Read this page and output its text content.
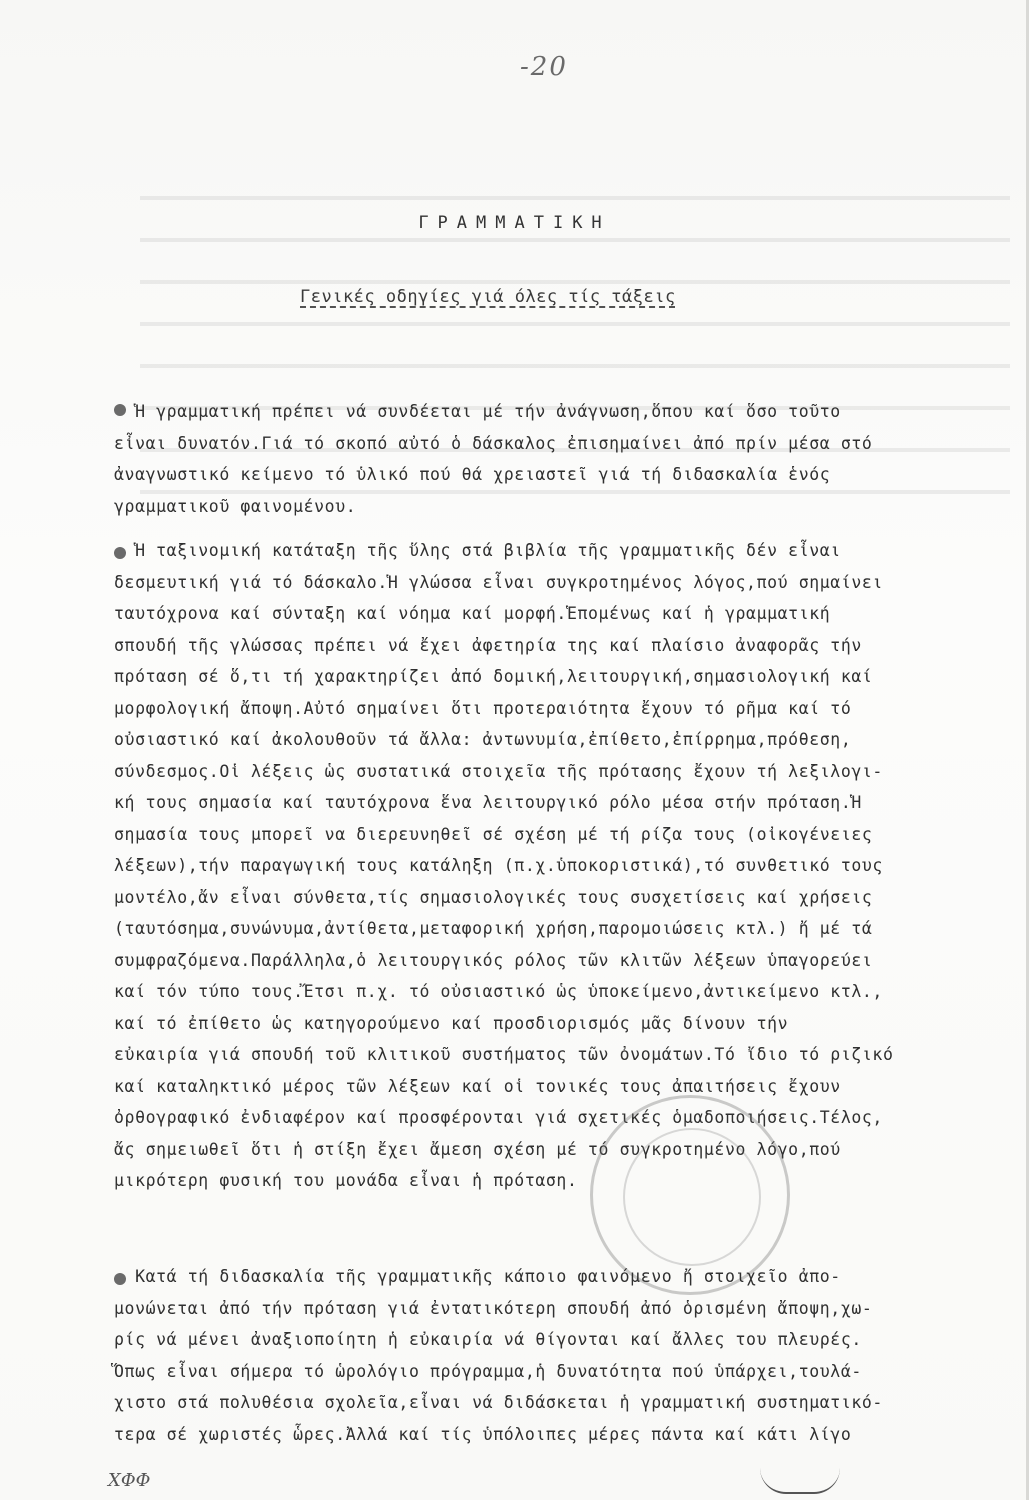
-20
ΓΡΑΜΜΑΤΙΚΗ
Γενικές οδηγίες γιά όλες τίς τάξεις
Ἡ γραμματική πρέπει νά συνδέεται μέ τήν ἀνάγνωση,ὅπου καί ὅσο τοῦτο
εἶναι δυνατόν.Γιά τό σκοπό αὐτό ὁ δάσκαλος ἐπισημαίνει ἀπό πρίν μέσα στό
ἀναγνωστικό κείμενο τό ὑλικό πού θά χρειαστεῖ γιά τή διδασκαλία ἑνός
γραμματικοῦ φαινομένου.
Ἡ ταξινομική κατάταξη τῆς ὕλης στά βιβλία τῆς γραμματικῆς δέν εἶναι
δεσμευτική γιά τό δάσκαλο.Ἡ γλώσσα εἶναι συγκροτημένος λόγος,πού σημαίνει
ταυτόχρονα καί σύνταξη καί νόημα καί μορφή.Ἑπομένως καί ἡ γραμματική
σπουδή τῆς γλώσσας πρέπει νά ἔχει ἀφετηρία της καί πλαίσιο ἀναφορᾶς τήν
πρόταση σέ ὅ,τι τή χαρακτηρίζει ἀπό δομική,λειτουργική,σημασιολογική καί
μορφολογική ἄποψη.Αὐτό σημαίνει ὅτι προτεραιότητα ἔχουν τό ρῆμα καί τό
οὐσιαστικό καί ἀκολουθοῦν τά ἄλλα: ἀντωνυμία,ἐπίθετο,ἐπίρρημα,πρόθεση,
σύνδεσμος.Οἱ λέξεις ὡς συστατικά στοιχεῖα τῆς πρότασης ἔχουν τή λεξιλογι-
κή τους σημασία καί ταυτόχρονα ἕνα λειτουργικό ρόλο μέσα στήν πρόταση.Ἡ
σημασία τους μπορεῖ να διερευνηθεῖ σέ σχέση μέ τή ρίζα τους (οἰκογένειες
λέξεων),τήν παραγωγική τους κατάληξη (π.χ.ὑποκοριστικά),τό συνθετικό τους
μοντέλο,ἄν εἶναι σύνθετα,τίς σημασιολογικές τους συσχετίσεις καί χρήσεις
(ταυτόσημα,συνώνυμα,ἀντίθετα,μεταφορική χρήση,παρομοιώσεις κτλ.) ἤ μέ τά
συμφραζόμενα.Παράλληλα,ὁ λειτουργικός ρόλος τῶν κλιτῶν λέξεων ὑπαγορεύει
καί τόν τύπο τους.Ἔτσι π.χ. τό οὐσιαστικό ὡς ὑποκείμενο,ἀντικείμενο κτλ.,
καί τό ἐπίθετο ὡς κατηγορούμενο καί προσδιορισμός μᾶς δίνουν τήν
εὐκαιρία γιά σπουδή τοῦ κλιτικοῦ συστήματος τῶν ὀνομάτων.Τό ἴδιο τό ριζικό
καί καταληκτικό μέρος τῶν λέξεων καί οἱ τονικές τους ἀπαιτήσεις ἔχουν
ὀρθογραφικό ἐνδιαφέρον καί προσφέρονται γιά σχετικές ὁμαδοποιήσεις.Τέλος,
ἄς σημειωθεῖ ὅτι ἡ στίξη ἔχει ἄμεση σχέση μέ τό συγκροτημένο λόγο,πού
μικρότερη φυσική του μονάδα εἶναι ἡ πρόταση.
Κατά τή διδασκαλία τῆς γραμματικῆς κάποιο φαινόμενο ἤ στοιχεῖο ἀπο-
μονώνεται ἀπό τήν πρόταση γιά ἐντατικότερη σπουδή ἀπό ὁρισμένη ἄποψη,χω-
ρίς νά μένει ἀναξιοποίητη ἡ εὐκαιρία νά θίγονται καί ἄλλες του πλευρές.
Ὅπως εἶναι σήμερα τό ὡρολόγιο πρόγραμμα,ἡ δυνατότητα πού ὑπάρχει,τουλά-
χιστο στά πολυθέσια σχολεῖα,εἶναι νά διδάσκεται ἡ γραμματική συστηματικό-
τερα σέ χωριστές ὧρες.Ἀλλά καί τίς ὑπόλοιπες μέρες πάντα καί κάτι λίγο
ΧΦΦ
